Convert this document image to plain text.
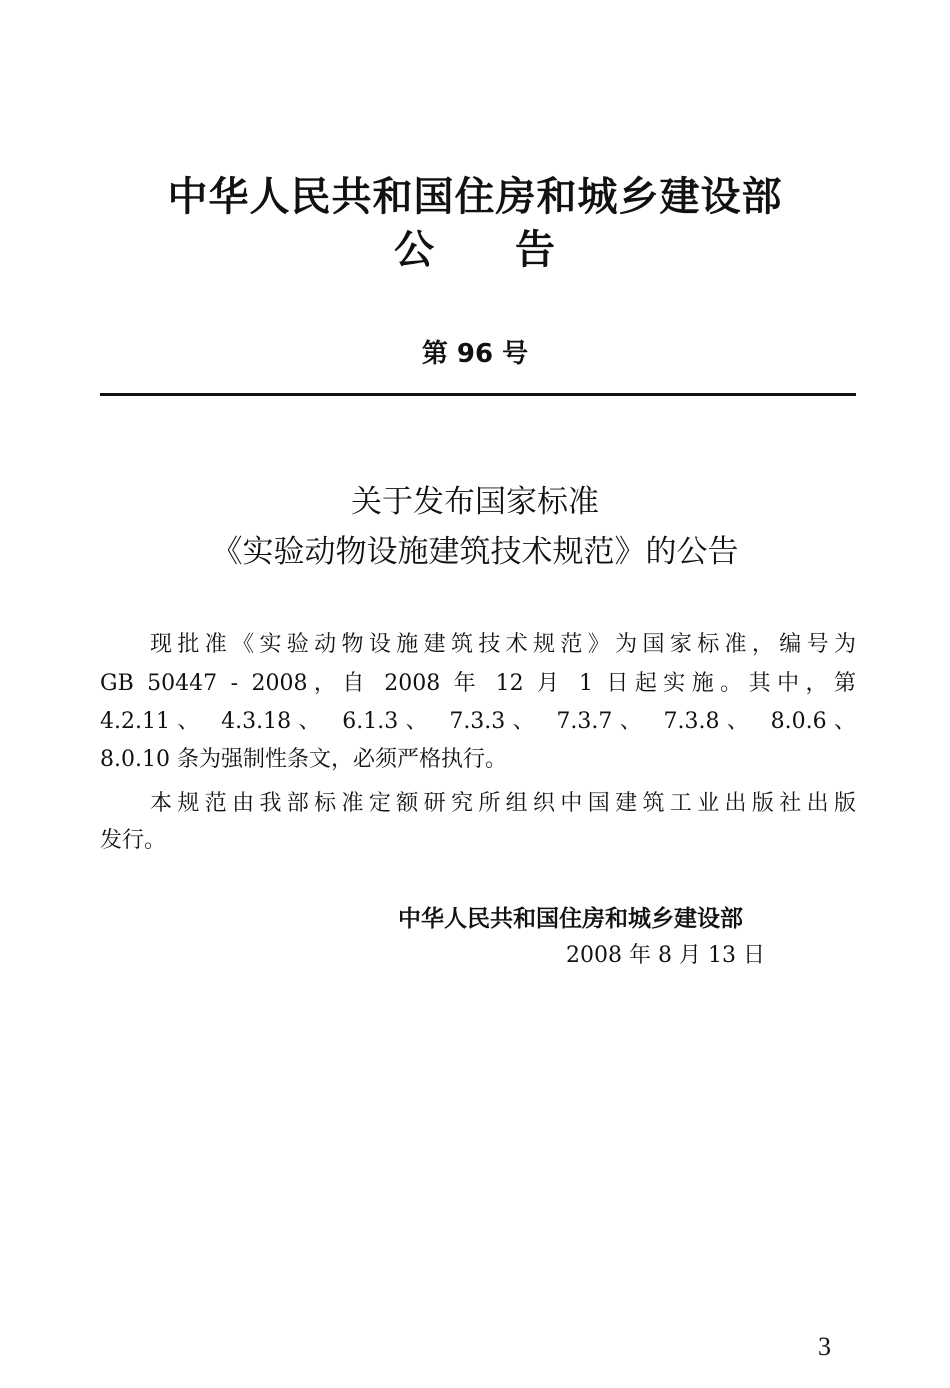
中华人民共和国住房和城乡建设部
公 告
第 96 号
关于发布国家标准
《实验动物设施建筑技术规范》的公告
现批准《实验动物设施建筑技术规范》为国家标准，编号为
GB 50447 - 2008，自 2008 年 12 月 1 日起实施。其中，第
4.2.11、 4.3.18、 6.1.3、 7.3.3、 7.3.7、 7.3.8、 8.0.6、
8.0.10 条为强制性条文，必须严格执行。
本规范由我部标准定额研究所组织中国建筑工业出版社出版
发行。
中华人民共和国住房和城乡建设部
2008 年 8 月 13 日
3
